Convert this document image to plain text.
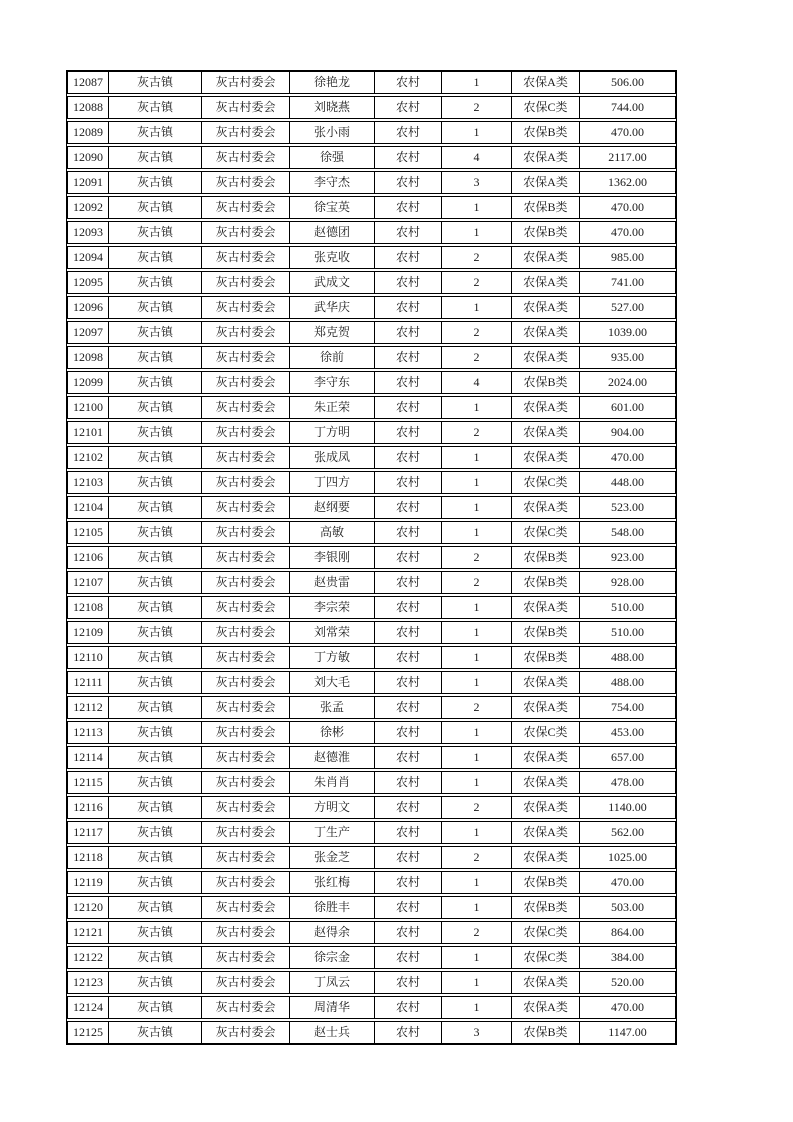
12087	灰古镇	灰古村委会	徐艳龙	农村	1	农保A类	506.00
12088	灰古镇	灰古村委会	刘晓燕	农村	2	农保C类	744.00
12089	灰古镇	灰古村委会	张小雨	农村	1	农保B类	470.00
12090	灰古镇	灰古村委会	徐强	农村	4	农保A类	2117.00
12091	灰古镇	灰古村委会	李守杰	农村	3	农保A类	1362.00
12092	灰古镇	灰古村委会	徐宝英	农村	1	农保B类	470.00
12093	灰古镇	灰古村委会	赵德团	农村	1	农保B类	470.00
12094	灰古镇	灰古村委会	张克收	农村	2	农保A类	985.00
12095	灰古镇	灰古村委会	武成文	农村	2	农保A类	741.00
12096	灰古镇	灰古村委会	武华庆	农村	1	农保A类	527.00
12097	灰古镇	灰古村委会	郑克贺	农村	2	农保A类	1039.00
12098	灰古镇	灰古村委会	徐前	农村	2	农保A类	935.00
12099	灰古镇	灰古村委会	李守东	农村	4	农保B类	2024.00
12100	灰古镇	灰古村委会	朱正荣	农村	1	农保A类	601.00
12101	灰古镇	灰古村委会	丁方明	农村	2	农保A类	904.00
12102	灰古镇	灰古村委会	张成凤	农村	1	农保A类	470.00
12103	灰古镇	灰古村委会	丁四方	农村	1	农保C类	448.00
12104	灰古镇	灰古村委会	赵纲要	农村	1	农保A类	523.00
12105	灰古镇	灰古村委会	高敏	农村	1	农保C类	548.00
12106	灰古镇	灰古村委会	李银刚	农村	2	农保B类	923.00
12107	灰古镇	灰古村委会	赵贵雷	农村	2	农保B类	928.00
12108	灰古镇	灰古村委会	李宗荣	农村	1	农保A类	510.00
12109	灰古镇	灰古村委会	刘常荣	农村	1	农保B类	510.00
12110	灰古镇	灰古村委会	丁方敏	农村	1	农保B类	488.00
12111	灰古镇	灰古村委会	刘大毛	农村	1	农保A类	488.00
12112	灰古镇	灰古村委会	张孟	农村	2	农保A类	754.00
12113	灰古镇	灰古村委会	徐彬	农村	1	农保C类	453.00
12114	灰古镇	灰古村委会	赵德淮	农村	1	农保A类	657.00
12115	灰古镇	灰古村委会	朱肖肖	农村	1	农保A类	478.00
12116	灰古镇	灰古村委会	方明文	农村	2	农保A类	1140.00
12117	灰古镇	灰古村委会	丁生产	农村	1	农保A类	562.00
12118	灰古镇	灰古村委会	张金芝	农村	2	农保A类	1025.00
12119	灰古镇	灰古村委会	张红梅	农村	1	农保B类	470.00
12120	灰古镇	灰古村委会	徐胜丰	农村	1	农保B类	503.00
12121	灰古镇	灰古村委会	赵得余	农村	2	农保C类	864.00
12122	灰古镇	灰古村委会	徐宗金	农村	1	农保C类	384.00
12123	灰古镇	灰古村委会	丁凤云	农村	1	农保A类	520.00
12124	灰古镇	灰古村委会	周清华	农村	1	农保A类	470.00
12125	灰古镇	灰古村委会	赵士兵	农村	3	农保B类	1147.00
